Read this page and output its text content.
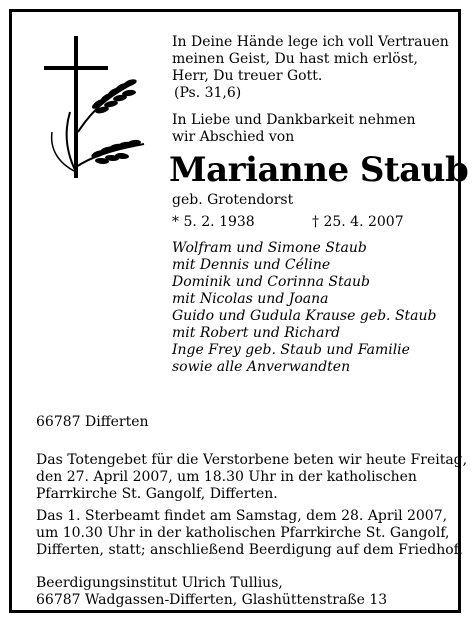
In Deine Hände lege ich voll Vertrauen
meinen Geist, Du hast mich erlöst,
Herr, Du treuer Gott.
(Ps. 31,6)
In Liebe und Dankbarkeit nehmen
wir Abschied von
Marianne Staub
geb. Grotendorst
* 5. 2. 1938	† 25. 4. 2007
Wolfram und Simone Staub
mit Dennis und Céline
Dominik und Corinna Staub
mit Nicolas und Joana
Guido und Gudula Krause geb. Staub
mit Robert und Richard
Inge Frey geb. Staub und Familie
sowie alle Anverwandten
66787 Differten
Das Totengebet für die Verstorbene beten wir heute Freitag,
den 27. April 2007, um 18.30 Uhr in der katholischen
Pfarrkirche St. Gangolf, Differten.
Das 1. Sterbeamt findet am Samstag, dem 28. April 2007,
um 10.30 Uhr in der katholischen Pfarrkirche St. Gangolf,
Differten, statt; anschließend Beerdigung auf dem Friedhof.
Beerdigungsinstitut Ulrich Tullius,
66787 Wadgassen-Differten, Glashüttenstraße 13
